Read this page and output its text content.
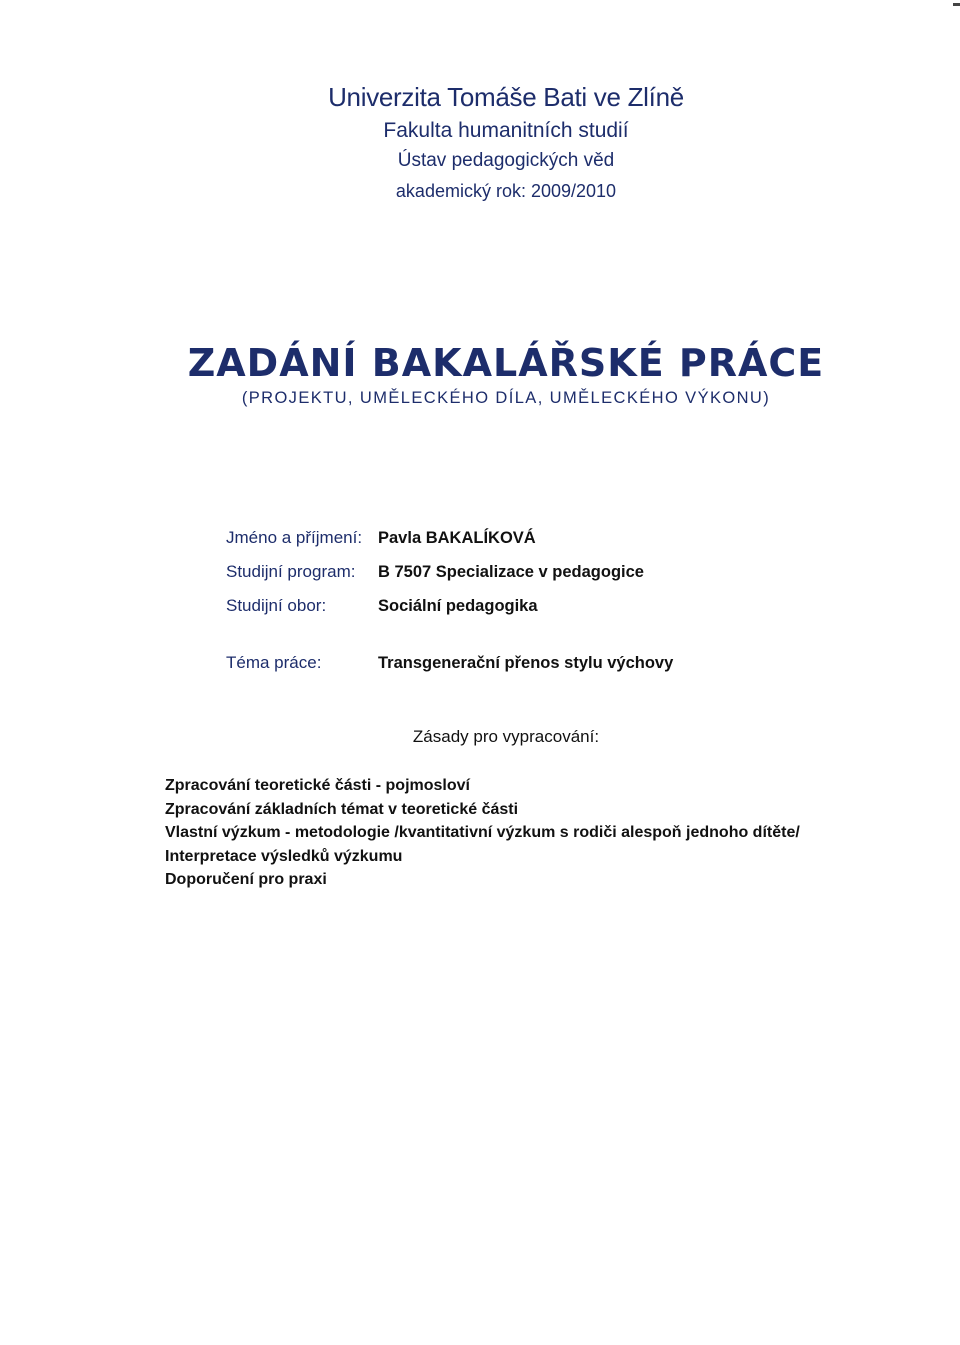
Univerzita Tomáše Bati ve Zlíně
Fakulta humanitních studií
Ústav pedagogických věd
akademický rok: 2009/2010
ZADÁNÍ BAKALÁŘSKÉ PRÁCE
(PROJEKTU, UMĚLECKÉHO DÍLA, UMĚLECKÉHO VÝKONU)
Jméno a příjmení: Pavla BAKALÍKOVÁ
Studijní program: B 7507 Specializace v pedagogice
Studijní obor:	Sociální pedagogika
Téma práce:	Transgenerační přenos stylu výchovy
Zásady pro vypracování:
Zpracování teoretické části - pojmosloví
Zpracování základních témat v teoretické části
Vlastní výzkum - metodologie /kvantitativní výzkum s rodiči alespoň jednoho dítěte/
Interpretace výsledků výzkumu
Doporučení pro praxi
